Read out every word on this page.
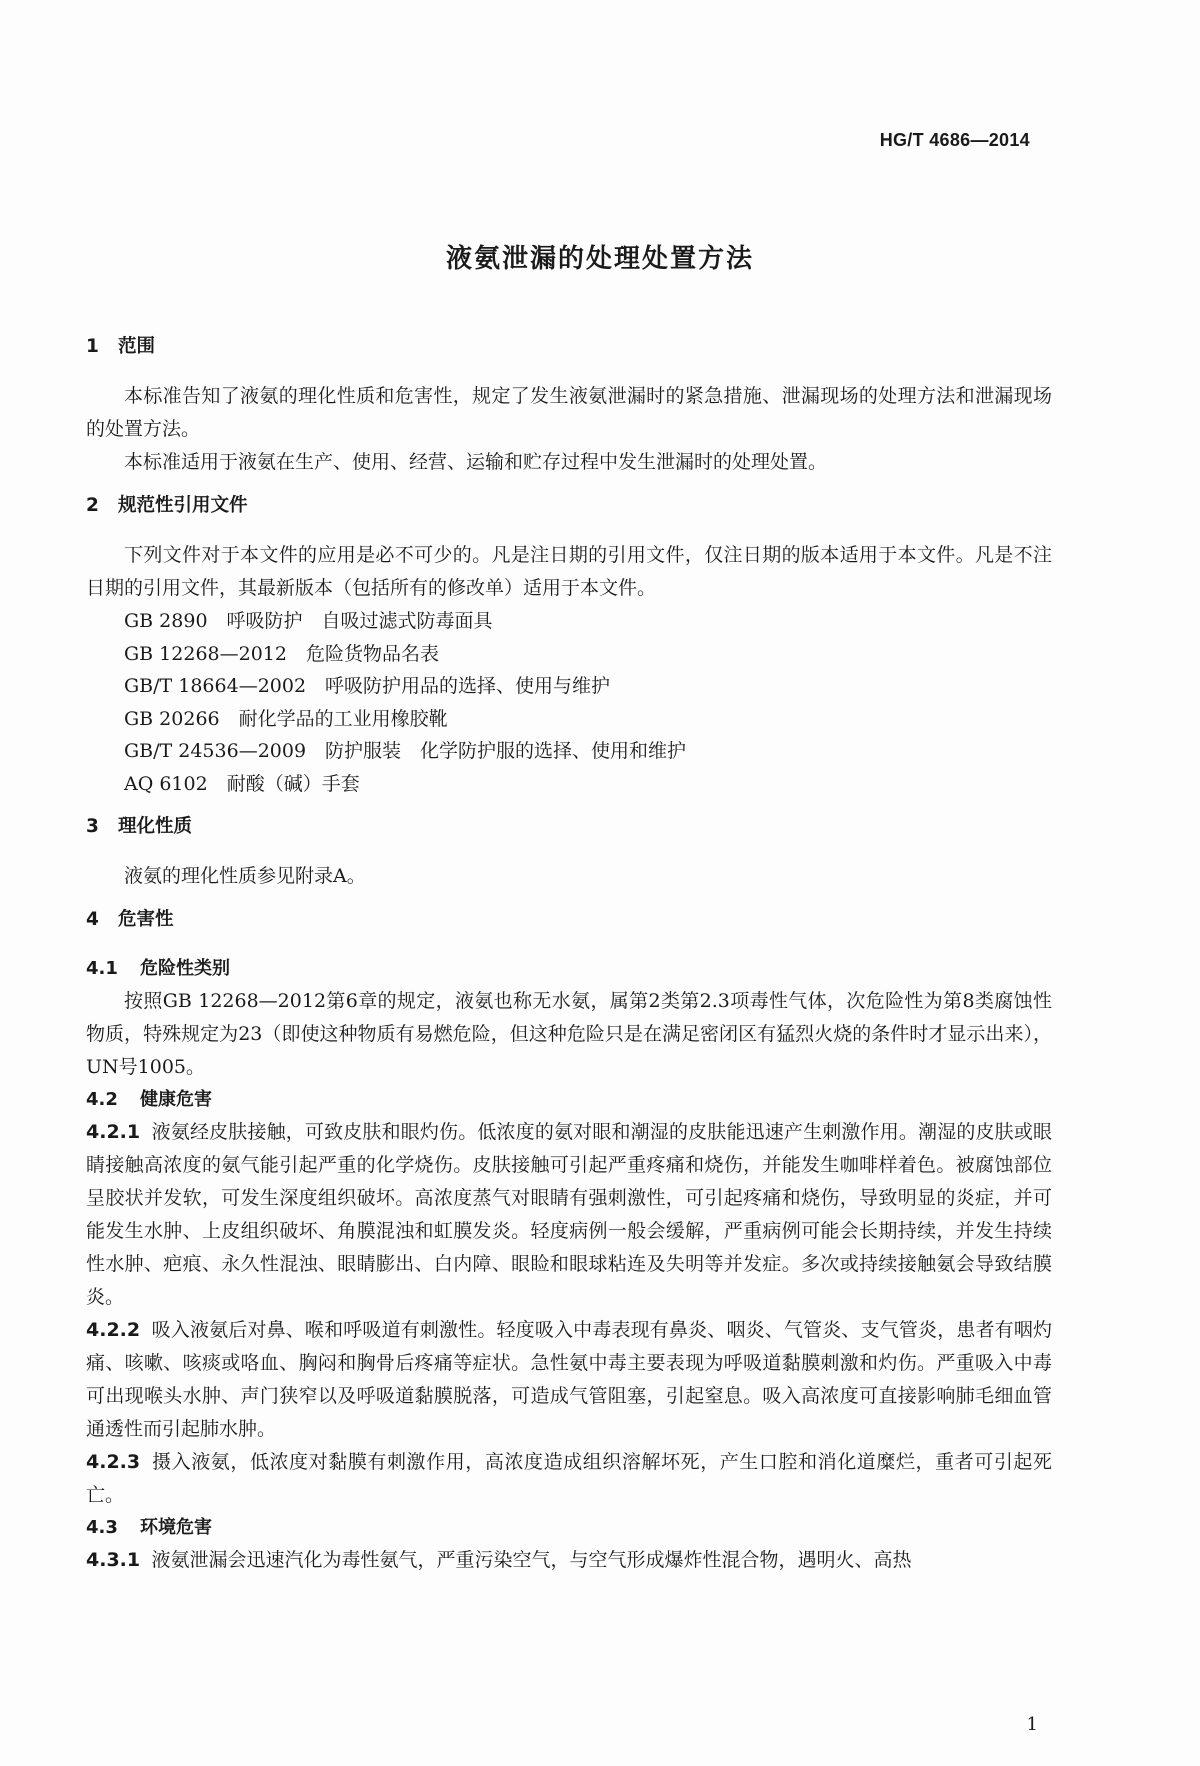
HG/T 4686—2014
液氨泄漏的处理处置方法
1 范围

本标准告知了液氨的理化性质和危害性，规定了发生液氨泄漏时的紧急措施、泄漏现场的处理方法和泄漏现场的处置方法。

本标准适用于液氨在生产、使用、经营、运输和贮存过程中发生泄漏时的处理处置。

2 规范性引用文件

下列文件对于本文件的应用是必不可少的。凡是注日期的引用文件，仅注日期的版本适用于本文件。凡是不注日期的引用文件，其最新版本（包括所有的修改单）适用于本文件。

GB 2890　呼吸防护　自吸过滤式防毒面具

GB 12268—2012　危险货物品名表

GB/T 18664—2002　呼吸防护用品的选择、使用与维护

GB 20266　耐化学品的工业用橡胶靴

GB/T 24536—2009　防护服装　化学防护服的选择、使用和维护

AQ 6102　耐酸（碱）手套

3 理化性质

液氨的理化性质参见附录A。

4 危害性
4.1 危险性类别

按照GB 12268—2012第6章的规定，液氨也称无水氨，属第2类第2.3项毒性气体，次危险性为第8类腐蚀性物质，特殊规定为23（即使这种物质有易燃危险，但这种危险只是在满足密闭区有猛烈火烧的条件时才显示出来），UN号1005。

4.2 健康危害

4.2.1 液氨经皮肤接触，可致皮肤和眼灼伤。低浓度的氨对眼和潮湿的皮肤能迅速产生刺激作用。潮湿的皮肤或眼睛接触高浓度的氨气能引起严重的化学烧伤。皮肤接触可引起严重疼痛和烧伤，并能发生咖啡样着色。被腐蚀部位呈胶状并发软，可发生深度组织破坏。高浓度蒸气对眼睛有强刺激性，可引起疼痛和烧伤，导致明显的炎症，并可能发生水肿、上皮组织破坏、角膜混浊和虹膜发炎。轻度病例一般会缓解，严重病例可能会长期持续，并发生持续性水肿、疤痕、永久性混浊、眼睛膨出、白内障、眼睑和眼球粘连及失明等并发症。多次或持续接触氨会导致结膜炎。

4.2.2 吸入液氨后对鼻、喉和呼吸道有刺激性。轻度吸入中毒表现有鼻炎、咽炎、气管炎、支气管炎，患者有咽灼痛、咳嗽、咳痰或咯血、胸闷和胸骨后疼痛等症状。急性氨中毒主要表现为呼吸道黏膜刺激和灼伤。严重吸入中毒可出现喉头水肿、声门狭窄以及呼吸道黏膜脱落，可造成气管阻塞，引起窒息。吸入高浓度可直接影响肺毛细血管通透性而引起肺水肿。

4.2.3 摄入液氨，低浓度对黏膜有刺激作用，高浓度造成组织溶解坏死，产生口腔和消化道糜烂，重者可引起死亡。

4.3 环境危害

4.3.1 液氨泄漏会迅速汽化为毒性氨气，严重污染空气，与空气形成爆炸性混合物，遇明火、高热

1
